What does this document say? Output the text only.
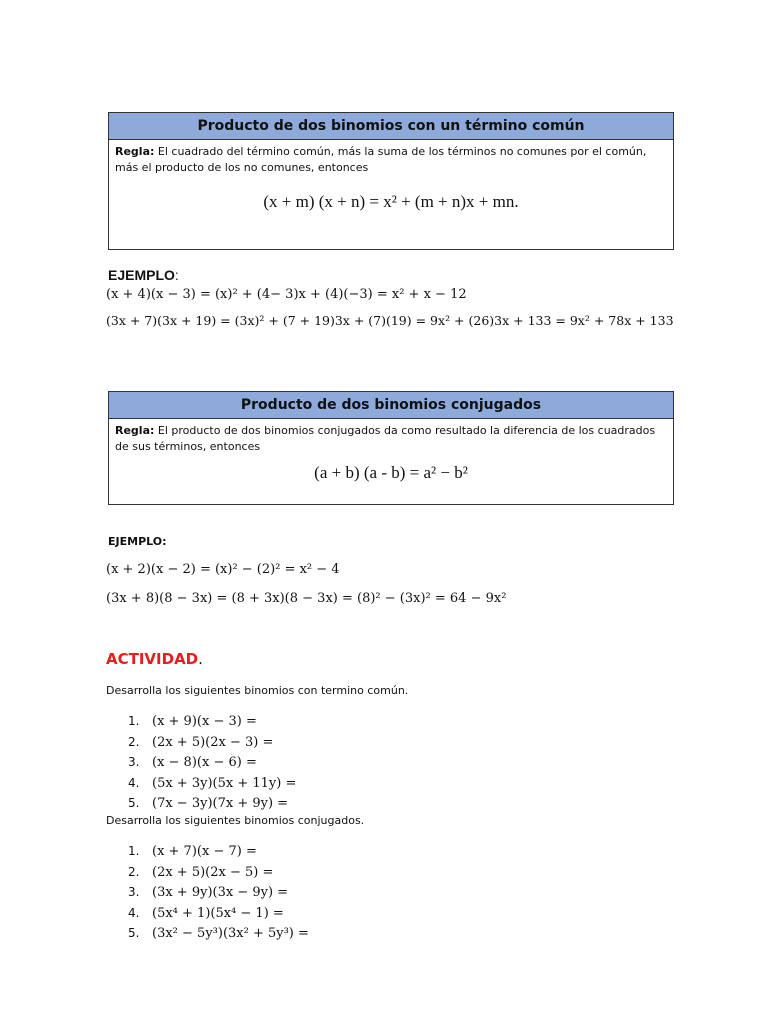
Producto de dos binomios con un término común
Regla: El cuadrado del término común, más la suma de los términos no comunes por el común, más el producto de los no comunes, entonces
(x + m) (x + n) = x² + (m + n)x + mn.
EJEMPLO:
(x + 4)(x − 3) = (x)² + (4− 3)x + (4)(−3) = x² + x − 12
(3x + 7)(3x + 19) = (3x)² + (7 + 19)3x + (7)(19) = 9x² + (26)3x + 133 = 9x² + 78x + 133
Producto de dos binomios conjugados
Regla: El producto de dos binomios conjugados da como resultado la diferencia de los cuadrados de sus términos, entonces
(a + b) (a - b) = a² − b²
EJEMPLO:
(x + 2)(x − 2) = (x)² − (2)² = x² − 4
(3x + 8)(8 − 3x) = (8 + 3x)(8 − 3x) = (8)² − (3x)² = 64 − 9x²
ACTIVIDAD.
Desarrolla los siguientes binomios con termino común.
1. (x + 9)(x − 3) =
2. (2x + 5)(2x − 3) =
3. (x − 8)(x − 6) =
4. (5x + 3y)(5x + 11y) =
5. (7x − 3y)(7x + 9y) =
Desarrolla los siguientes binomios conjugados.
1. (x + 7)(x − 7) =
2. (2x + 5)(2x − 5) =
3. (3x + 9y)(3x − 9y) =
4. (5x⁴ + 1)(5x⁴ − 1) =
5. (3x² − 5y³)(3x² + 5y³) =
